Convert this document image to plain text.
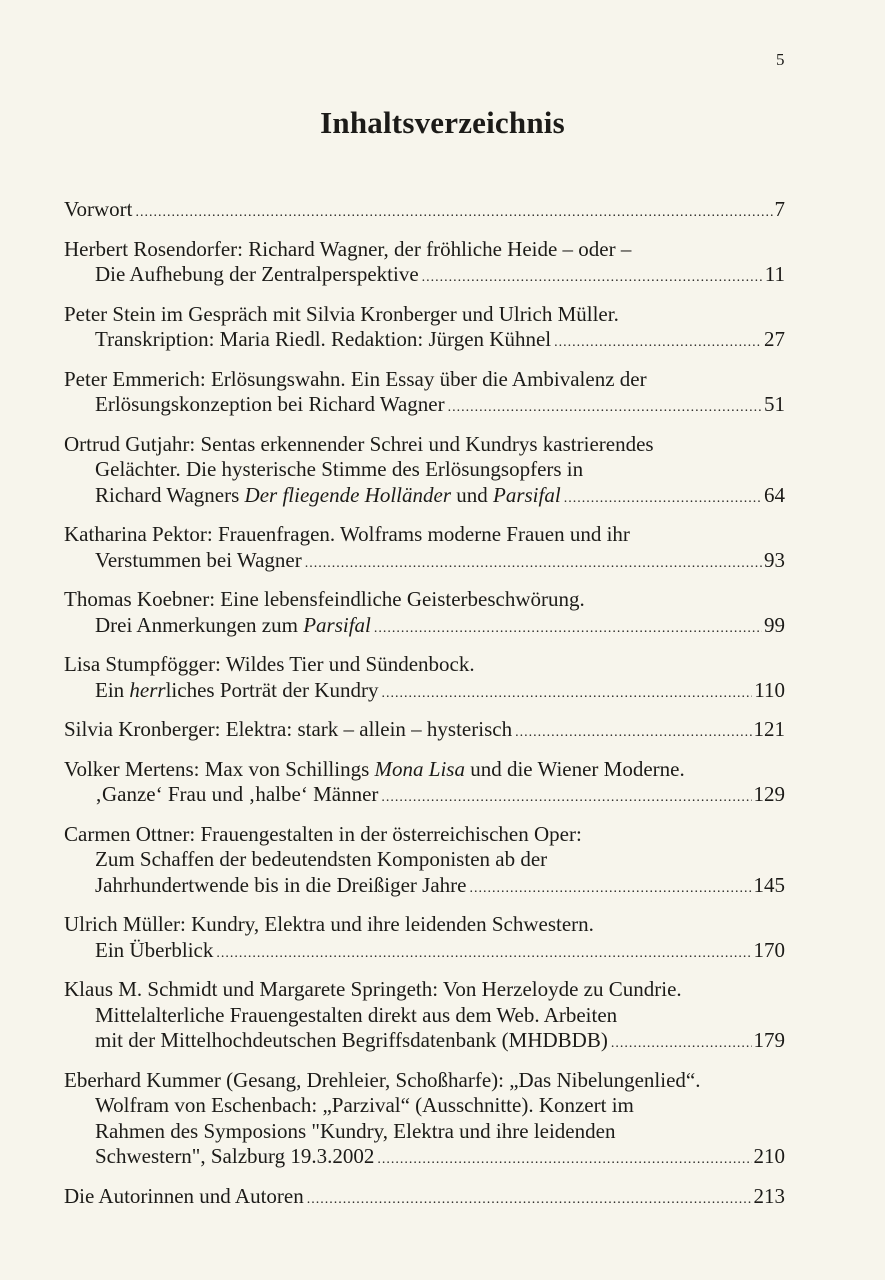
5
Inhaltsverzeichnis
Vorwort .....	7
Herbert Rosendorfer: Richard Wagner, der fröhliche Heide – oder –
Die Aufhebung der Zentralperspektive .....	11
Peter Stein im Gespräch mit Silvia Kronberger und Ulrich Müller.
Transkription: Maria Riedl. Redaktion: Jürgen Kühnel .....	27
Peter Emmerich: Erlösungswahn. Ein Essay über die Ambivalenz der
Erlösungskonzeption bei Richard Wagner .....	51
Ortrud Gutjahr: Sentas erkennender Schrei und Kundrys kastrierendes
Gelächter. Die hysterische Stimme des Erlösungsopfers in
Richard Wagners Der fliegende Holländer und Parsifal .....	64
Katharina Pektor: Frauenfragen. Wolframs moderne Frauen und ihr
Verstummen bei Wagner .....	93
Thomas Koebner: Eine lebensfeindliche Geisterbeschwörung.
Drei Anmerkungen zum Parsifal .....	99
Lisa Stumpfögger: Wildes Tier und Sündenbock.
Ein herrliches Porträt der Kundry .....	110
Silvia Kronberger: Elektra: stark – allein – hysterisch .....	121
Volker Mertens: Max von Schillings Mona Lisa und die Wiener Moderne.
‚Ganze‘ Frau und ‚halbe‘ Männer .....	129
Carmen Ottner: Frauengestalten in der österreichischen Oper:
Zum Schaffen der bedeutendsten Komponisten ab der
Jahrhundertwende bis in die Dreißiger Jahre .....	145
Ulrich Müller: Kundry, Elektra und ihre leidenden Schwestern.
Ein Überblick .....	170
Klaus M. Schmidt und Margarete Springeth: Von Herzeloyde zu Cundrie.
Mittelalterliche Frauengestalten direkt aus dem Web. Arbeiten
mit der Mittelhochdeutschen Begriffsdatenbank (MHDBDB) .....	179
Eberhard Kummer (Gesang, Drehleier, Schoßharfe): „Das Nibelungenlied“.
Wolfram von Eschenbach: „Parzival“ (Ausschnitte). Konzert im
Rahmen des Symposions "Kundry, Elektra und ihre leidenden
Schwestern", Salzburg 19.3.2002 .....	210
Die Autorinnen und Autoren .....	213
